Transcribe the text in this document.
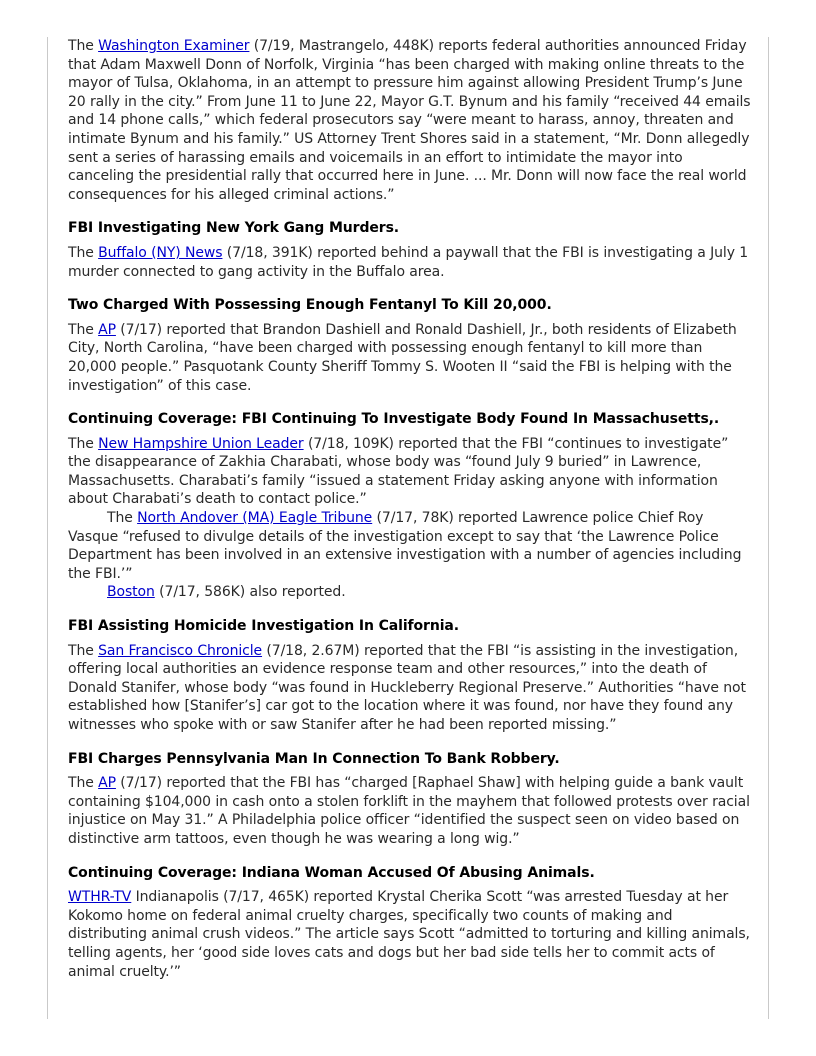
The Washington Examiner (7/19, Mastrangelo, 448K) reports federal authorities announced Friday that Adam Maxwell Donn of Norfolk, Virginia “has been charged with making online threats to the mayor of Tulsa, Oklahoma, in an attempt to pressure him against allowing President Trump’s June 20 rally in the city.” From June 11 to June 22, Mayor G.T. Bynum and his family “received 44 emails and 14 phone calls,” which federal prosecutors say “were meant to harass, annoy, threaten and intimate Bynum and his family.” US Attorney Trent Shores said in a statement, “Mr. Donn allegedly sent a series of harassing emails and voicemails in an effort to intimidate the mayor into canceling the presidential rally that occurred here in June. ... Mr. Donn will now face the real world consequences for his alleged criminal actions.”

FBI Investigating New York Gang Murders.

The Buffalo (NY) News (7/18, 391K) reported behind a paywall that the FBI is investigating a July 1 murder connected to gang activity in the Buffalo area.

Two Charged With Possessing Enough Fentanyl To Kill 20,000.

The AP (7/17) reported that Brandon Dashiell and Ronald Dashiell, Jr., both residents of Elizabeth City, North Carolina, “have been charged with possessing enough fentanyl to kill more than 20,000 people.” Pasquotank County Sheriff Tommy S. Wooten II “said the FBI is helping with the investigation” of this case.

Continuing Coverage: FBI Continuing To Investigate Body Found In Massachusetts,.

The New Hampshire Union Leader (7/18, 109K) reported that the FBI “continues to investigate” the disappearance of Zakhia Charabati, whose body was “found July 9 buried” in Lawrence, Massachusetts. Charabati’s family “issued a statement Friday asking anyone with information about Charabati’s death to contact police.”

The North Andover (MA) Eagle Tribune (7/17, 78K) reported Lawrence police Chief Roy Vasque “refused to divulge details of the investigation except to say that ‘the Lawrence Police Department has been involved in an extensive investigation with a number of agencies including the FBI.’”

Boston (7/17, 586K) also reported.

FBI Assisting Homicide Investigation In California.

The San Francisco Chronicle (7/18, 2.67M) reported that the FBI “is assisting in the investigation, offering local authorities an evidence response team and other resources,” into the death of Donald Stanifer, whose body “was found in Huckleberry Regional Preserve.” Authorities “have not established how [Stanifer’s] car got to the location where it was found, nor have they found any witnesses who spoke with or saw Stanifer after he had been reported missing.”

FBI Charges Pennsylvania Man In Connection To Bank Robbery.

The AP (7/17) reported that the FBI has “charged [Raphael Shaw] with helping guide a bank vault containing $104,000 in cash onto a stolen forklift in the mayhem that followed protests over racial injustice on May 31.” A Philadelphia police officer “identified the suspect seen on video based on distinctive arm tattoos, even though he was wearing a long wig.”

Continuing Coverage: Indiana Woman Accused Of Abusing Animals.

WTHR-TV Indianapolis (7/17, 465K) reported Krystal Cherika Scott “was arrested Tuesday at her Kokomo home on federal animal cruelty charges, specifically two counts of making and distributing animal crush videos.” The article says Scott “admitted to torturing and killing animals, telling agents, her ‘good side loves cats and dogs but her bad side tells her to commit acts of animal cruelty.’”
